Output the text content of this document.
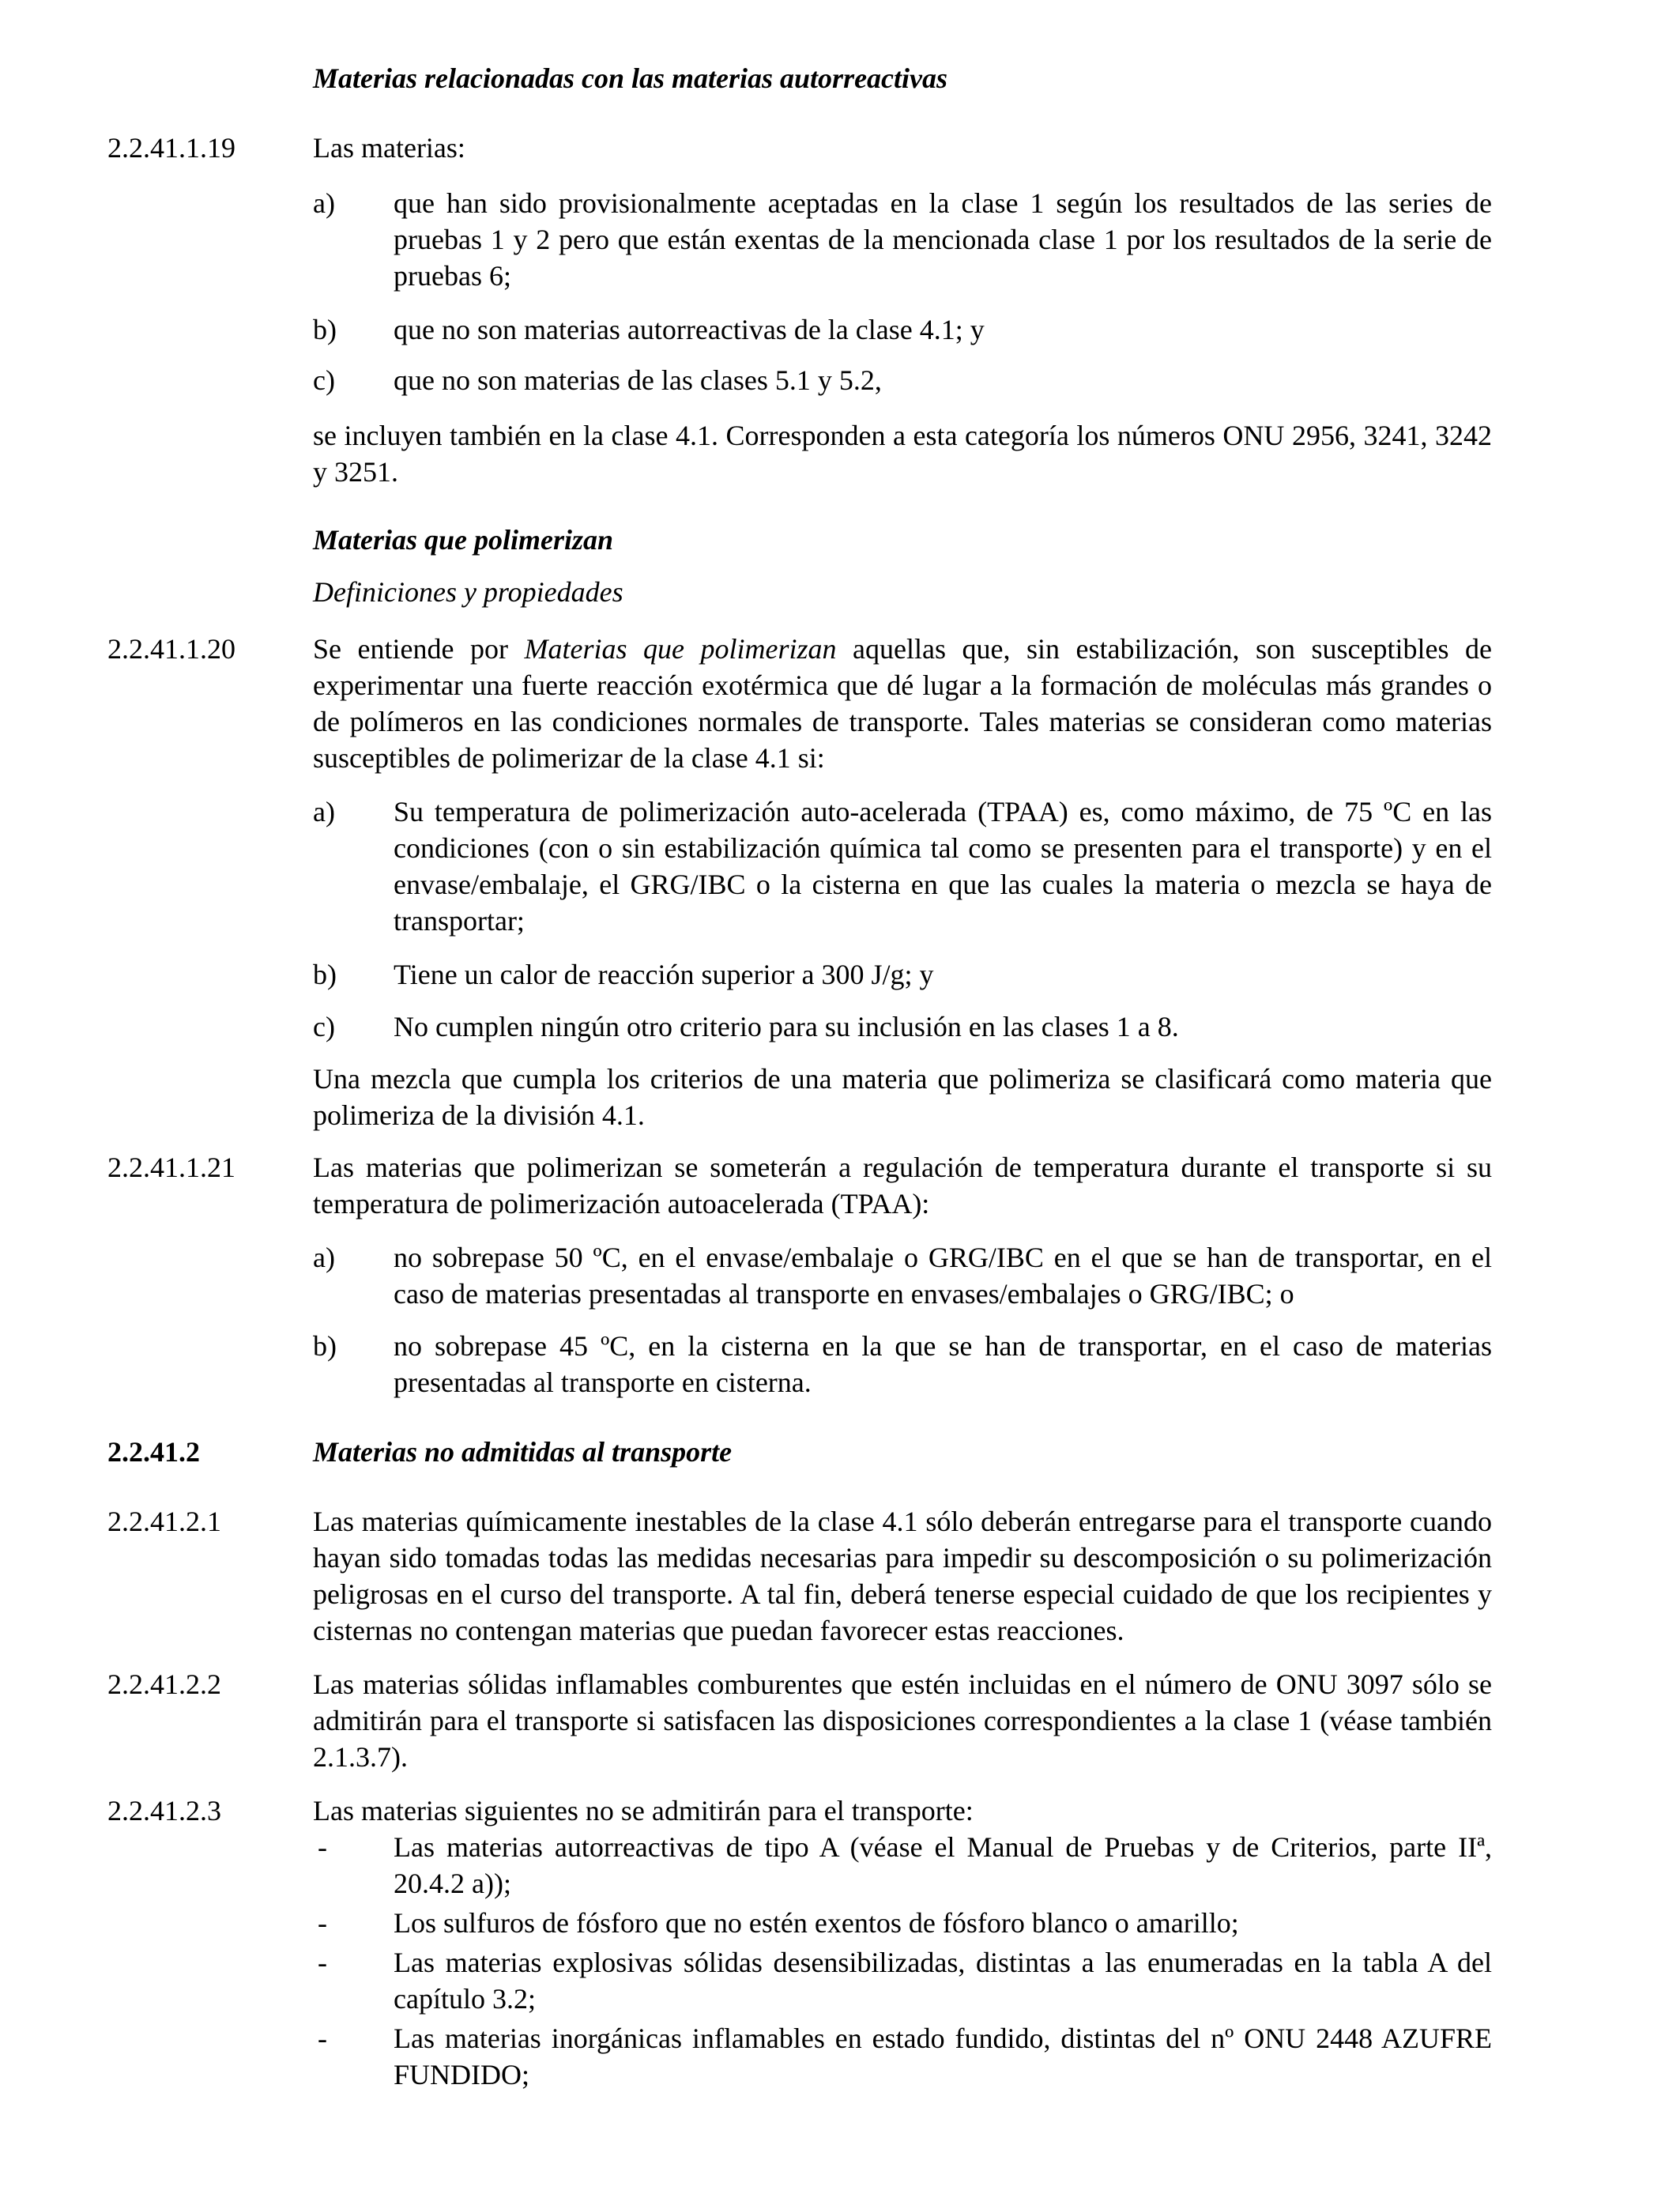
Materias relacionadas con las materias autorreactivas
2.2.41.1.19	Las materias:
a)	que han sido provisionalmente aceptadas en la clase 1 según los resultados de las series de pruebas 1 y 2 pero que están exentas de la mencionada clase 1 por los resultados de la serie de pruebas 6;

b)	que no son materias autorreactivas de la clase 4.1; y

c)	que no son materias de las clases 5.1 y 5.2,

se incluyen también en la clase 4.1. Corresponden a esta categoría los números ONU 2956, 3241, 3242 y 3251.

Materias que polimerizan
Definiciones y propiedades
2.2.41.1.20	Se entiende por Materias que polimerizan aquellas que, sin estabilización, son susceptibles de experimentar una fuerte reacción exotérmica que dé lugar a la formación de moléculas más grandes o de polímeros en las condiciones normales de transporte. Tales materias se consideran como materias susceptibles de polimerizar de la clase 4.1 si:

a)	Su temperatura de polimerización auto-acelerada (TPAA) es, como máximo, de 75 ºC en las condiciones (con o sin estabilización química tal como se presenten para el transporte) y en el envase/embalaje, el GRG/IBC o la cisterna en que las cuales la materia o mezcla se haya de transportar;

b)	Tiene un calor de reacción superior a 300 J/g; y

c)	No cumplen ningún otro criterio para su inclusión en las clases 1 a 8.

Una mezcla que cumpla los criterios de una materia que polimeriza se clasificará como materia que polimeriza de la división 4.1.

2.2.41.1.21	Las materias que polimerizan se someterán a regulación de temperatura durante el transporte si su temperatura de polimerización autoacelerada (TPAA):

a)	no sobrepase 50 ºC, en el envase/embalaje o GRG/IBC en el que se han de transportar, en el caso de materias presentadas al transporte en envases/embalajes o GRG/IBC; o

b)	no sobrepase 45 ºC, en la cisterna en la que se han de transportar, en el caso de materias presentadas al transporte en cisterna.

2.2.41.2	Materias no admitidas al transporte
2.2.41.2.1	Las materias químicamente inestables de la clase 4.1 sólo deberán entregarse para el transporte cuando hayan sido tomadas todas las medidas necesarias para impedir su descomposición o su polimerización peligrosas en el curso del transporte. A tal fin, deberá tenerse especial cuidado de que los recipientes y cisternas no contengan materias que puedan favorecer estas reacciones.

2.2.41.2.2	Las materias sólidas inflamables comburentes que estén incluidas en el número de ONU 3097 sólo se admitirán para el transporte si satisfacen las disposiciones correspondientes a la clase 1 (véase también 2.1.3.7).

2.2.41.2.3	Las materias siguientes no se admitirán para el transporte:
-	Las materias autorreactivas de tipo A (véase el Manual de Pruebas y de Criterios, parte IIª, 20.4.2 a));

-	Los sulfuros de fósforo que no estén exentos de fósforo blanco o amarillo;

-	Las materias explosivas sólidas desensibilizadas, distintas a las enumeradas en la tabla A del capítulo 3.2;

-	Las materias inorgánicas inflamables en estado fundido, distintas del nº ONU 2448 AZUFRE FUNDIDO;
